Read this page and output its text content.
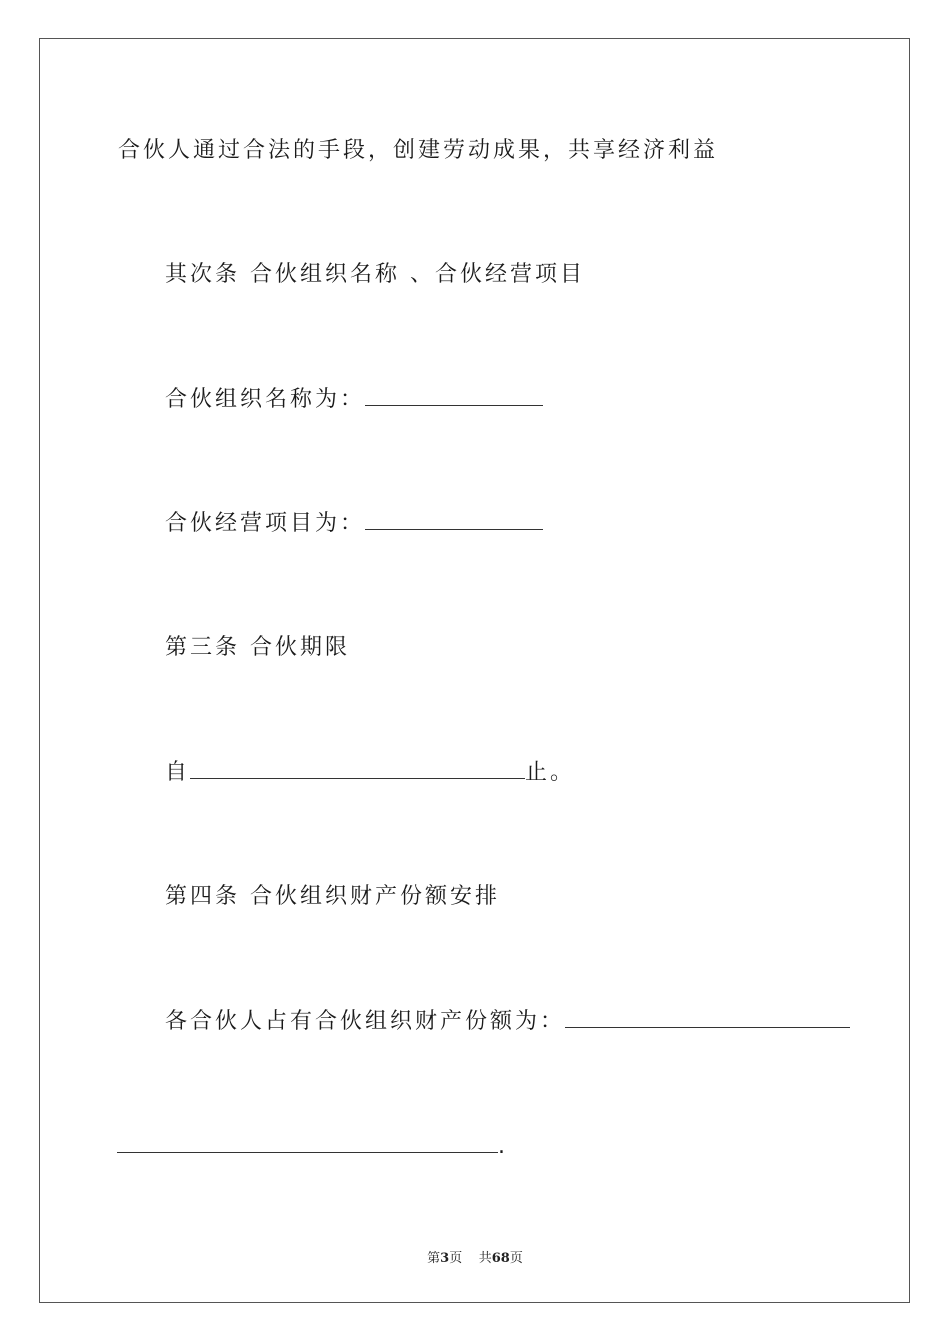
合伙人通过合法的手段，创建劳动成果，共享经济利益
其次条 合伙组织名称 、合伙经营项目
合伙组织名称为：
合伙经营项目为：
第三条 合伙期限
自	止。
第四条 合伙组织财产份额安排
各合伙人占有合伙组织财产份额为：
.
第3页 共68页
